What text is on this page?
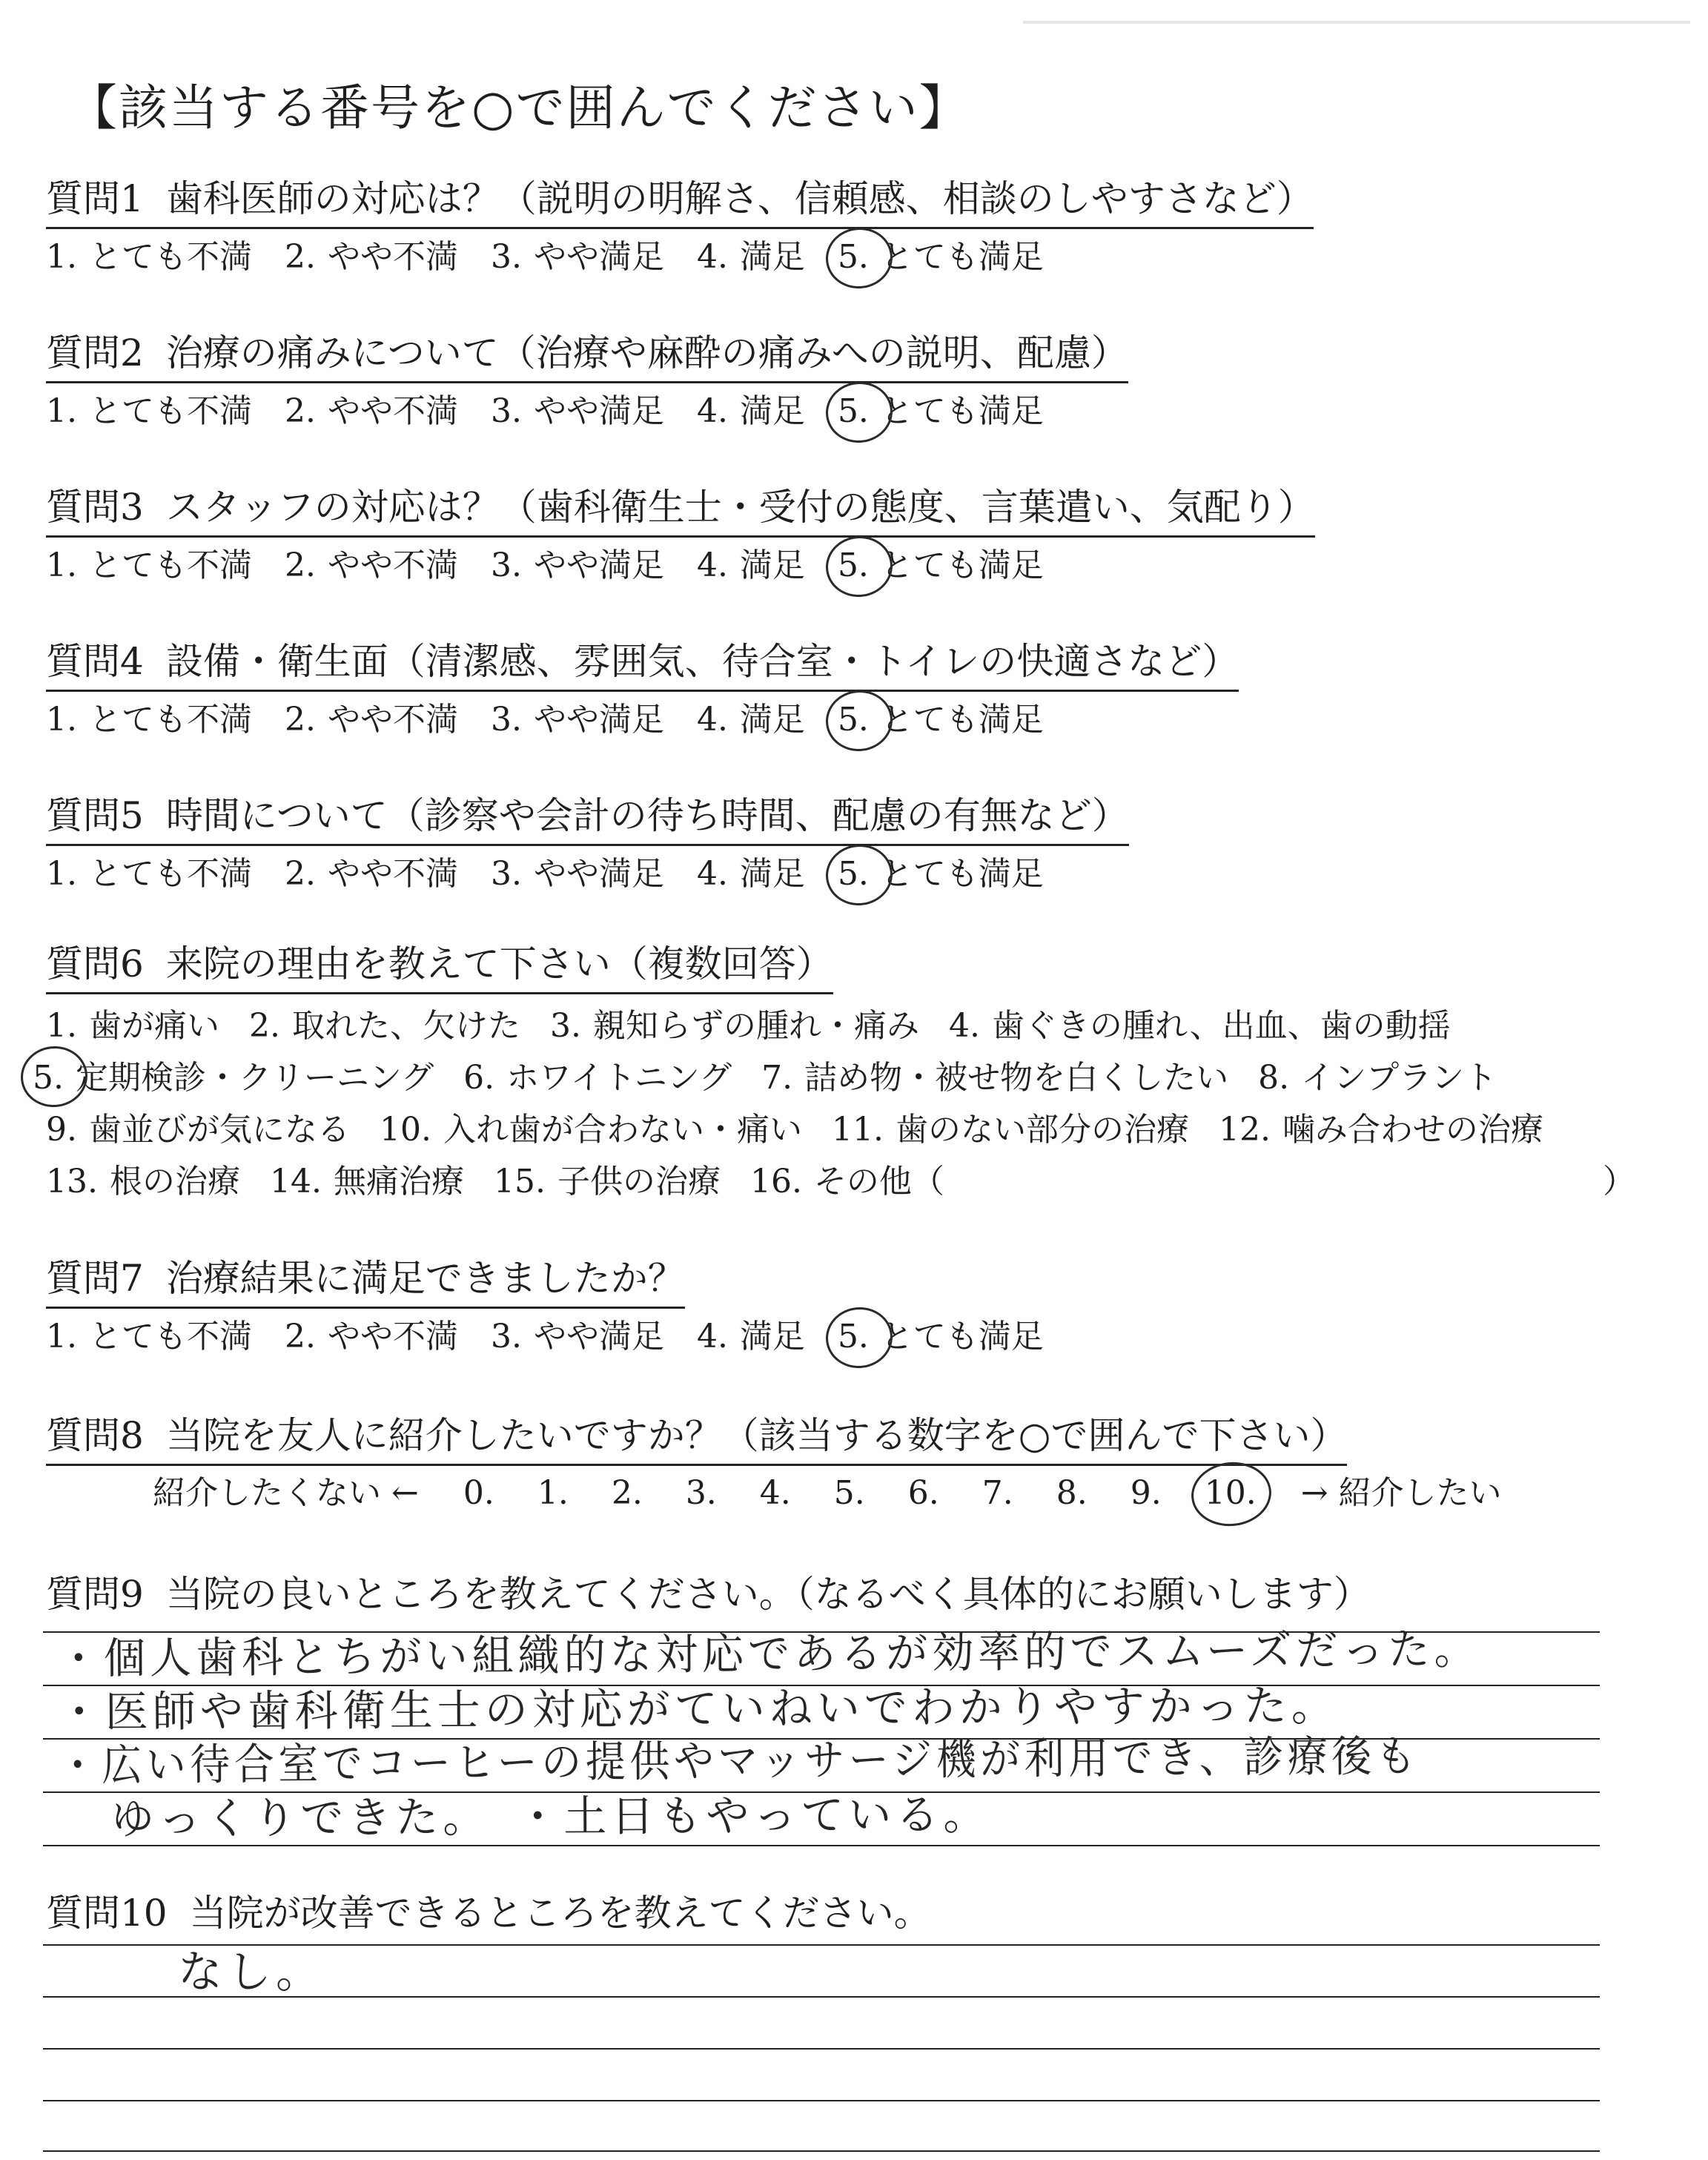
【該当する番号を○で囲んでください】
質問1 歯科医師の対応は？（説明の明解さ、信頼感、相談のしやすさなど）
1. とても不満 2. やや不満 3. やや満足 4. 満足 5. とても満足
質問2 治療の痛みについて（治療や麻酔の痛みへの説明、配慮）
1. とても不満 2. やや不満 3. やや満足 4. 満足 5. とても満足
質問3 スタッフの対応は？（歯科衛生士・受付の態度、言葉遣い、気配り）
1. とても不満 2. やや不満 3. やや満足 4. 満足 5. とても満足
質問4 設備・衛生面（清潔感、雰囲気、待合室・トイレの快適さなど）
1. とても不満 2. やや不満 3. やや満足 4. 満足 5. とても満足
質問5 時間について（診察や会計の待ち時間、配慮の有無など）
1. とても不満 2. やや不満 3. やや満足 4. 満足 5. とても満足
質問6 来院の理由を教えて下さい（複数回答）
1. 歯が痛い 2. 取れた、欠けた 3. 親知らずの腫れ・痛み 4. 歯ぐきの腫れ、出血、歯の動揺
5. 定期検診・クリーニング 6. ホワイトニング 7. 詰め物・被せ物を白くしたい 8. インプラント
9. 歯並びが気になる 10. 入れ歯が合わない・痛い 11. 歯のない部分の治療 12. 噛み合わせの治療
13. 根の治療 14. 無痛治療 15. 子供の治療 16. その他（	）
質問7 治療結果に満足できましたか？
1. とても不満 2. やや不満 3. やや満足 4. 満足 5. とても満足
質問8 当院を友人に紹介したいですか？（該当する数字を○で囲んで下さい）
紹介したくない ← 0. 1. 2. 3. 4. 5. 6. 7. 8. 9. 10. → 紹介したい
質問9 当院の良いところを教えてください。（なるべく具体的にお願いします）
・個人歯科とちがい組織的な対応であるが効率的でスムーズだった。
・医師や歯科衛生士の対応がていねいでわかりやすかった。
・広い待合室でコーヒーの提供やマッサージ機が利用でき、診療後も
ゆっくりできた。　・土日もやっている。
質問10 当院が改善できるところを教えてください。
なし。
